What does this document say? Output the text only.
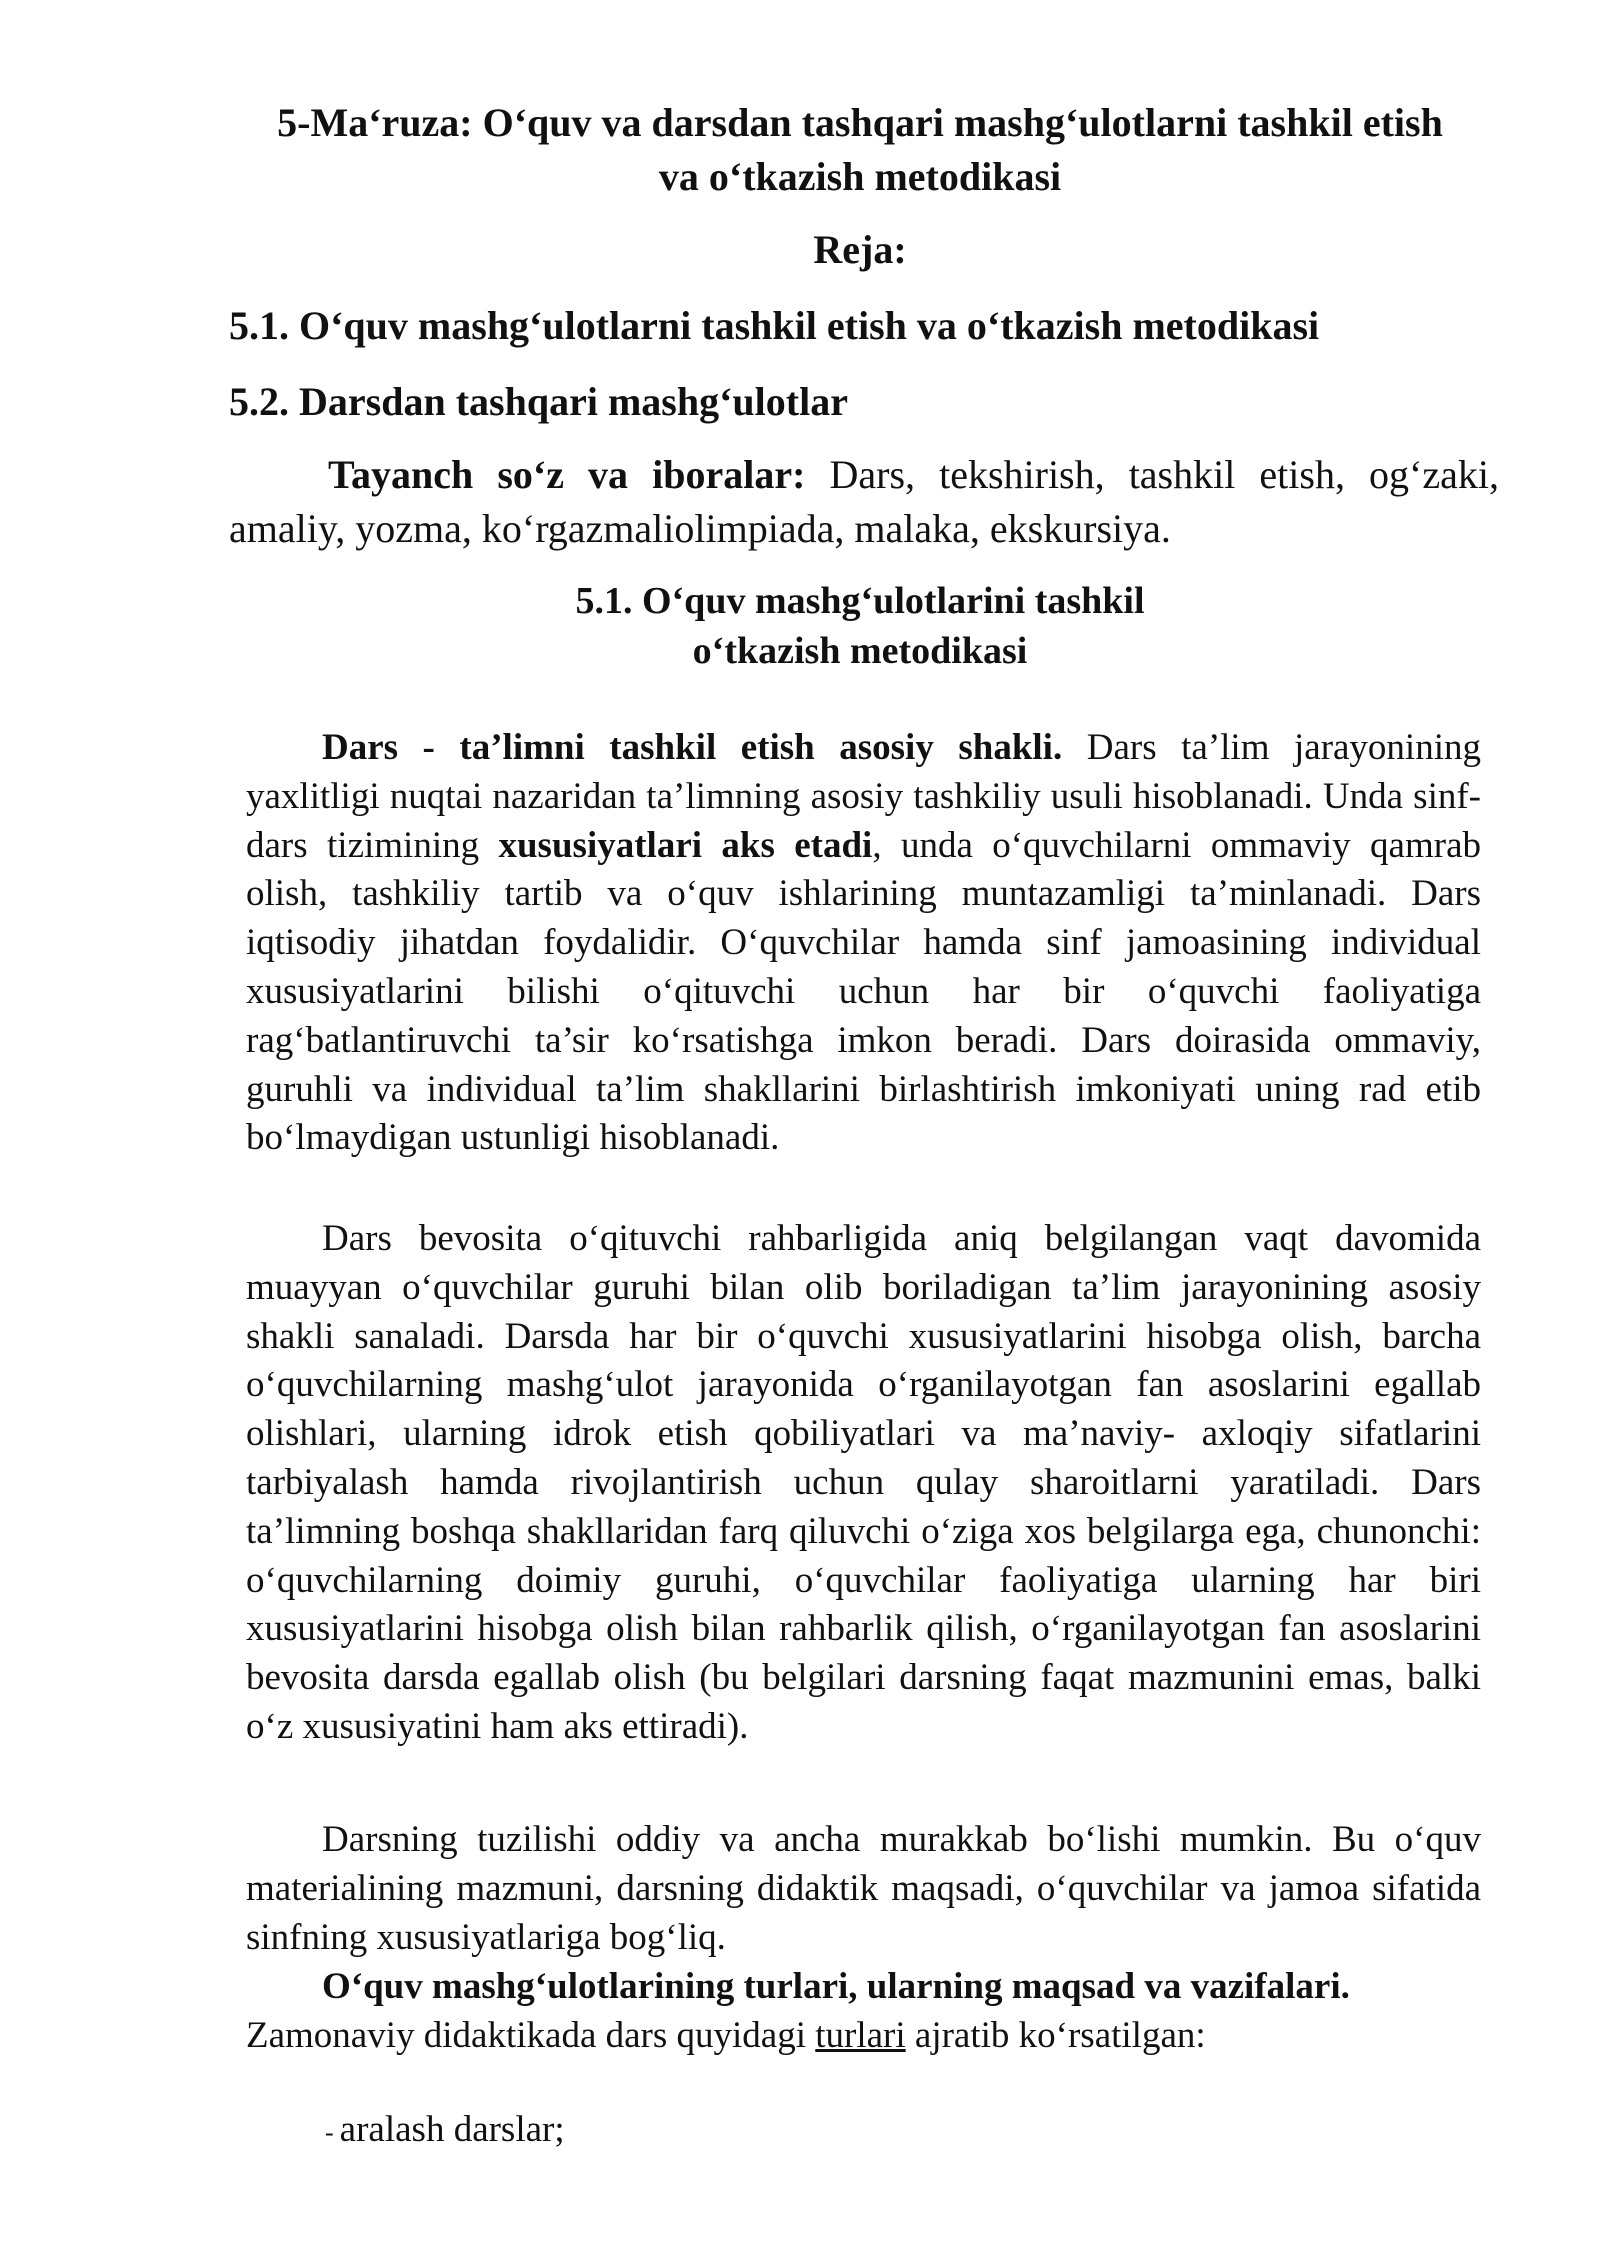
5-Ma‘ruza: O‘quv va darsdan tashqari mashg‘ulotlarni tashkil etish
va o‘tkazish metodikasi
Reja:
5.1. O‘quv mashg‘ulotlarni tashkil etish va o‘tkazish metodikasi
5.2. Darsdan tashqari mashg‘ulotlar
Tayanch so‘z va iboralar: Dars, tekshirish, tashkil etish, og‘zaki, amaliy, yozma, ko‘rgazmaliolimpiada, malaka, ekskursiya.
5.1. O‘quv mashg‘ulotlarini tashkil
o‘tkazish metodikasi
Dars - ta’limni tashkil etish asosiy shakli. Dars ta’lim jarayonining yaxlitligi nuqtai nazaridan ta’limning asosiy tashkiliy usuli hisoblanadi. Unda sinf- dars tizimining xususiyatlari aks etadi, unda o‘quvchilarni ommaviy qamrab olish, tashkiliy tartib va o‘quv ishlarining muntazamligi ta’minlanadi. Dars iqtisodiy jihatdan foydalidir. O‘quvchilar hamda sinf jamoasining individual xususiyatlarini bilishi o‘qituvchi uchun har bir o‘quvchi faoliyatiga rag‘batlantiruvchi ta’sir ko‘rsatishga imkon beradi. Dars doirasida ommaviy, guruhli va individual ta’lim shakllarini birlashtirish imkoniyati uning rad etib bo‘lmaydigan ustunligi hisoblanadi.
Dars bevosita o‘qituvchi rahbarligida aniq belgilangan vaqt davomida muayyan o‘quvchilar guruhi bilan olib boriladigan ta’lim jarayonining asosiy shakli sanaladi. Darsda har bir o‘quvchi xususiyatlarini hisobga olish, barcha o‘quvchilarning mashg‘ulot jarayonida o‘rganilayotgan fan asoslarini egallab olishlari, ularning idrok etish qobiliyatlari va ma’naviy- axloqiy sifatlarini tarbiyalash hamda rivojlantirish uchun qulay sharoitlarni yaratiladi. Dars ta’limning boshqa shakllaridan farq qiluvchi o‘ziga xos belgilarga ega, chunonchi: o‘quvchilarning doimiy guruhi, o‘quvchilar faoliyatiga ularning har biri xususiyatlarini hisobga olish bilan rahbarlik qilish, o‘rganilayotgan fan asoslarini bevosita darsda egallab olish (bu belgilari darsning faqat mazmunini emas, balki o‘z xususiyatini ham aks ettiradi).
Darsning tuzilishi oddiy va ancha murakkab bo‘lishi mumkin. Bu o‘quv materialining mazmuni, darsning didaktik maqsadi, o‘quvchilar va jamoa sifatida sinfning xususiyatlariga bog‘liq.
O‘quv mashg‘ulotlarining turlari, ularning maqsad va vazifalari. Zamonaviy didaktikada dars quyidagi turlari ajratib ko‘rsatilgan:
- aralash darslar;
